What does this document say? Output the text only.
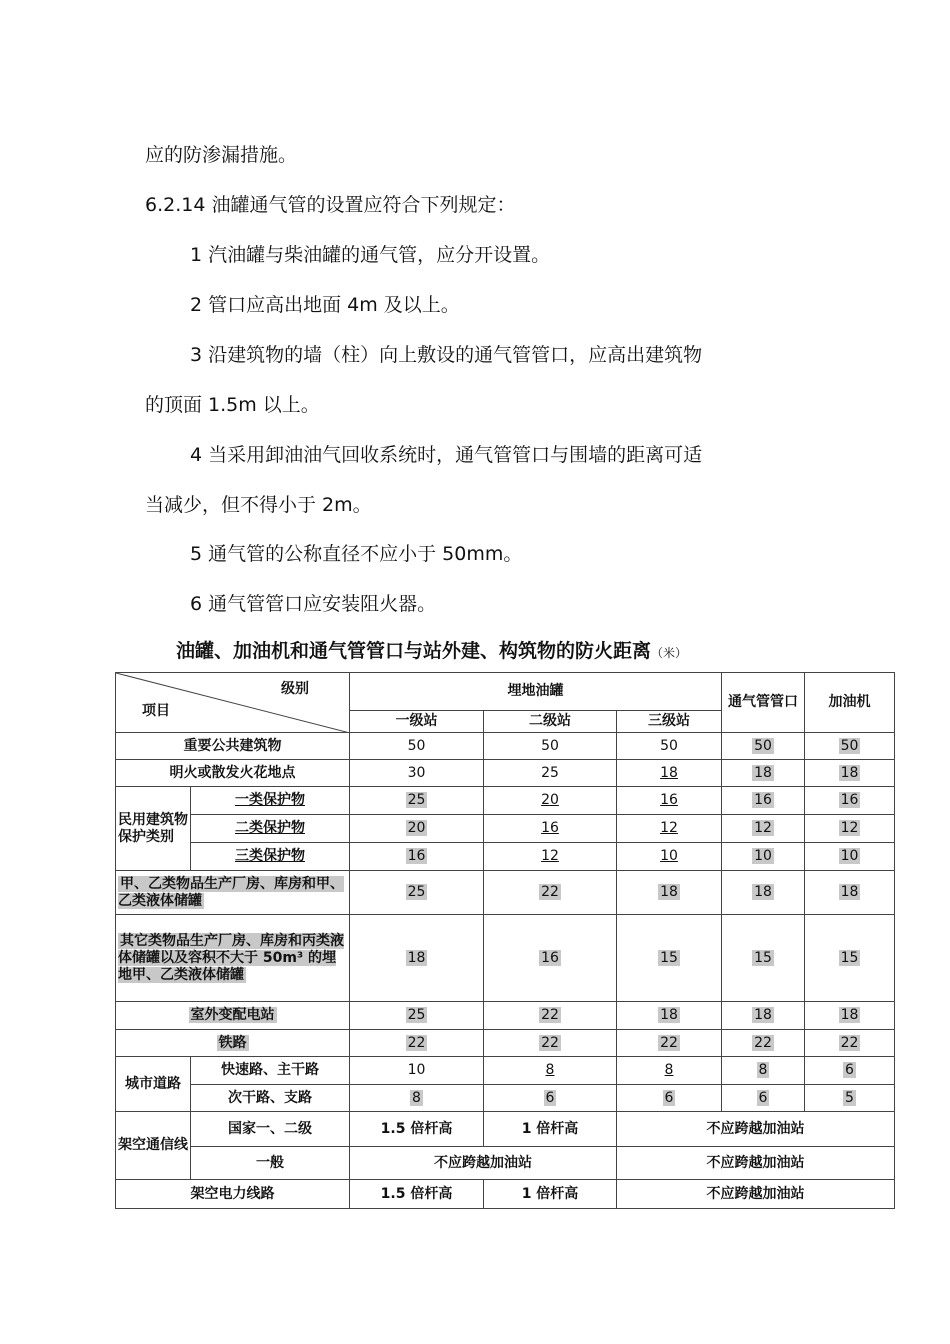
应的防渗漏措施。
6.2.14 油罐通气管的设置应符合下列规定：
1 汽油罐与柴油罐的通气管，应分开设置。
2 管口应高出地面 4m 及以上。
3 沿建筑物的墙（柱）向上敷设的通气管管口，应高出建筑物
的顶面 1.5m 以上。
4 当采用卸油油气回收系统时，通气管管口与围墙的距离可适
当减少，但不得小于 2m。
5 通气管的公称直径不应小于 50mm。
6 通气管管口应安装阻火器。
油罐、加油机和通气管管口与站外建、构筑物的防火距离（米）
级别
项目		埋地油罐			通气管管口	加油机
		一级站	二级站	三级站		
重要公共建筑物		50	50	50	50	50
明火或散发火花地点		30	25	18	18	18
民用建筑物保护类别	一类保护物	25	20	16	16	16
	二类保护物	20	16	12	12	12
	三类保护物	16	12	10	10	10
甲、乙类物品生产厂房、库房和甲、乙类液体储罐		25	22	18	18	18
其它类物品生产厂房、库房和丙类液体储罐以及容积不大于 50m³ 的埋地甲、乙类液体储罐		18	16	15	15	15
室外变配电站		25	22	18	18	18
铁路		22	22	22	22	22
城市道路	快速路、主干路	10	8	8	8	6
	次干路、支路	8	6	6	6	5
架空通信线	国家一、二级	1.5 倍杆高	1 倍杆高	不应跨越加油站		
	一般	不应跨越加油站		不应跨越加油站		
架空电力线路		1.5 倍杆高	1 倍杆高	不应跨越加油站		
